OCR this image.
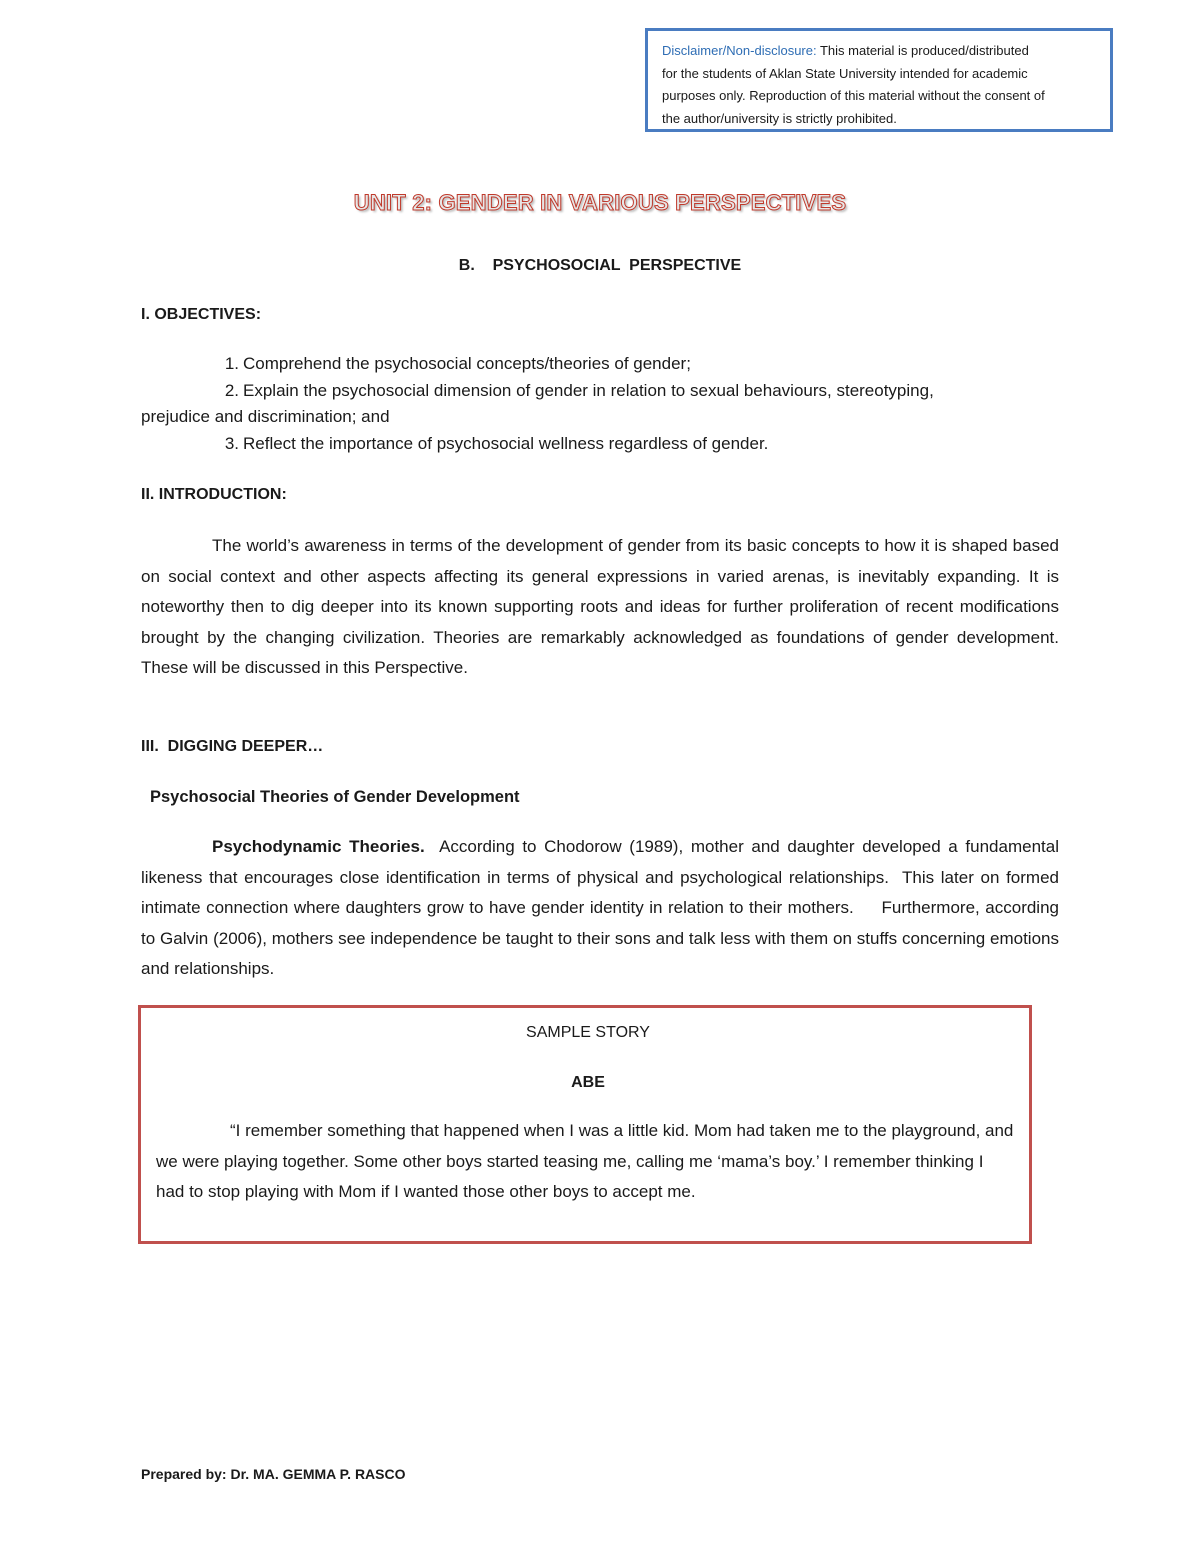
Disclaimer/Non-disclosure: This material is produced/distributed
for the students of Aklan State University intended for academic
purposes only. Reproduction of this material without the consent of
the author/university is strictly prohibited.
UNIT 2: GENDER IN VARIOUS PERSPECTIVES
B.    PSYCHOSOCIAL  PERSPECTIVE
I. OBJECTIVES:
1. Comprehend the psychosocial concepts/theories of gender;
2. Explain the psychosocial dimension of gender in relation to sexual behaviours, stereotyping,
prejudice and discrimination; and
3. Reflect the importance of psychosocial wellness regardless of gender.
II. INTRODUCTION:
The world’s awareness in terms of the development of gender from its basic concepts to how it is shaped based on social context and other aspects affecting its general expressions in varied arenas, is inevitably expanding. It is noteworthy then to dig deeper into its known supporting roots and ideas for further proliferation of recent modifications brought by the changing civilization. Theories are remarkably acknowledged as foundations of gender development. These will be discussed in this Perspective.
III.  DIGGING DEEPER…
Psychosocial Theories of Gender Development
Psychodynamic Theories.  According to Chodorow (1989), mother and daughter developed a fundamental likeness that encourages close identification in terms of physical and psychological relationships.  This later on formed intimate connection where daughters grow to have gender identity in relation to their mothers.     Furthermore, according to Galvin (2006), mothers see independence be taught to their sons and talk less with them on stuffs concerning emotions and relationships.
SAMPLE STORY
ABE
“I remember something that happened when I was a little kid. Mom had taken me to the playground, and we were playing together. Some other boys started teasing me, calling me ‘mama’s boy.’ I remember thinking I had to stop playing with Mom if I wanted those other boys to accept me.
Prepared by: Dr. MA. GEMMA P. RASCO
